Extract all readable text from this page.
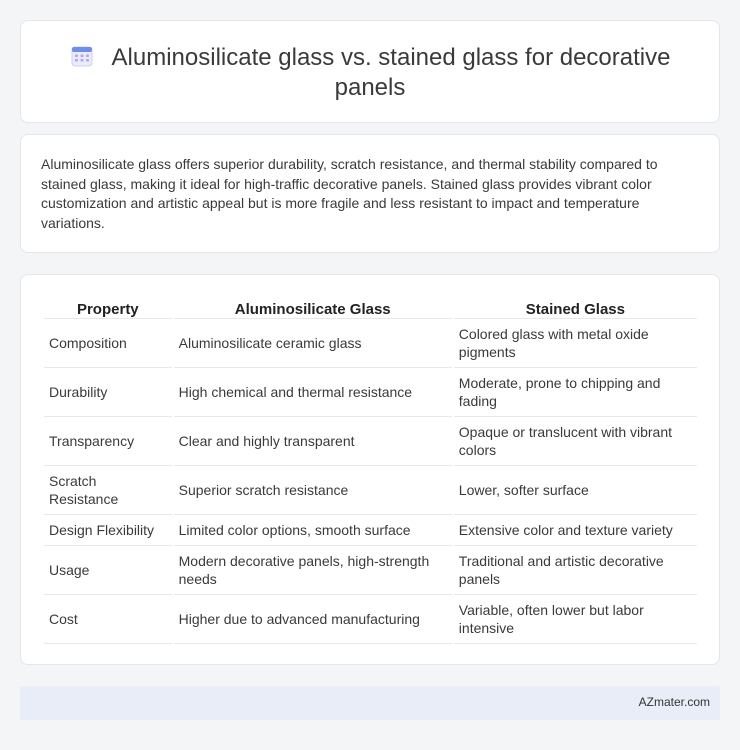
Aluminosilicate glass vs. stained glass for decorative panels

Aluminosilicate glass offers superior durability, scratch resistance, and thermal stability compared to stained glass, making it ideal for high-traffic decorative panels. Stained glass provides vibrant color customization and artistic appeal but is more fragile and less resistant to impact and temperature variations.

Property	Aluminosilicate Glass	Stained Glass
Composition	Aluminosilicate ceramic glass	Colored glass with metal oxide pigments
Durability	High chemical and thermal resistance	Moderate, prone to chipping and fading
Transparency	Clear and highly transparent	Opaque or translucent with vibrant colors
Scratch Resistance	Superior scratch resistance	Lower, softer surface
Design Flexibility	Limited color options, smooth surface	Extensive color and texture variety
Usage	Modern decorative panels, high-strength needs	Traditional and artistic decorative panels
Cost	Higher due to advanced manufacturing	Variable, often lower but labor intensive
AZmater.com
